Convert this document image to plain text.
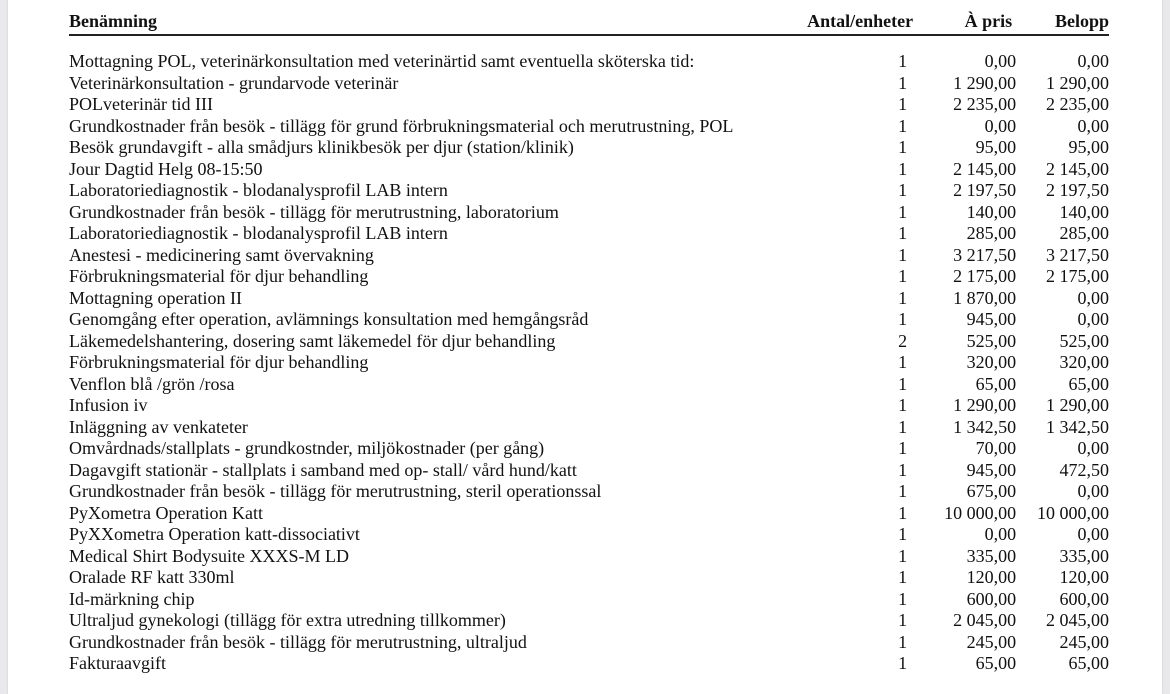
Benämning	Antal/enheter	À pris	Belopp

Mottagning POL, veterinärkonsultation med veterinärtid samt eventuella sköterska tid:	1	0,00	0,00
Veterinärkonsultation - grundarvode veterinär	1	1 290,00	1 290,00
POLveterinär tid III	1	2 235,00	2 235,00
Grundkostnader från besök - tillägg för grund förbrukningsmaterial och merutrustning, POL	1	0,00	0,00
Besök grundavgift - alla smådjurs klinikbesök per djur (station/klinik)	1	95,00	95,00
Jour Dagtid Helg 08-15:50	1	2 145,00	2 145,00
Laboratoriediagnostik - blodanalysprofil LAB intern	1	2 197,50	2 197,50
Grundkostnader från besök - tillägg för merutrustning, laboratorium	1	140,00	140,00
Laboratoriediagnostik - blodanalysprofil LAB intern	1	285,00	285,00
Anestesi - medicinering samt övervakning	1	3 217,50	3 217,50
Förbrukningsmaterial för djur behandling	1	2 175,00	2 175,00
Mottagning operation II	1	1 870,00	0,00
Genomgång efter operation, avlämnings konsultation med hemgångsråd	1	945,00	0,00
Läkemedelshantering, dosering samt läkemedel för djur behandling	2	525,00	525,00
Förbrukningsmaterial för djur behandling	1	320,00	320,00
Venflon blå /grön /rosa	1	65,00	65,00
Infusion iv	1	1 290,00	1 290,00
Inläggning av venkateter	1	1 342,50	1 342,50
Omvårdnads/stallplats - grundkostnder, miljökostnader (per gång)	1	70,00	0,00
Dagavgift stationär - stallplats i samband med op- stall/ vård hund/katt	1	945,00	472,50
Grundkostnader från besök - tillägg för merutrustning, steril operationssal	1	675,00	0,00
PyXometra Operation Katt	1	10 000,00	10 000,00
PyXXometra Operation katt-dissociativt	1	0,00	0,00
Medical Shirt Bodysuite XXXS-M LD	1	335,00	335,00
Oralade RF katt 330ml	1	120,00	120,00
Id-märkning chip	1	600,00	600,00
Ultraljud gynekologi (tillägg för extra utredning tillkommer)	1	2 045,00	2 045,00
Grundkostnader från besök - tillägg för merutrustning, ultraljud	1	245,00	245,00
Fakturaavgift	1	65,00	65,00
